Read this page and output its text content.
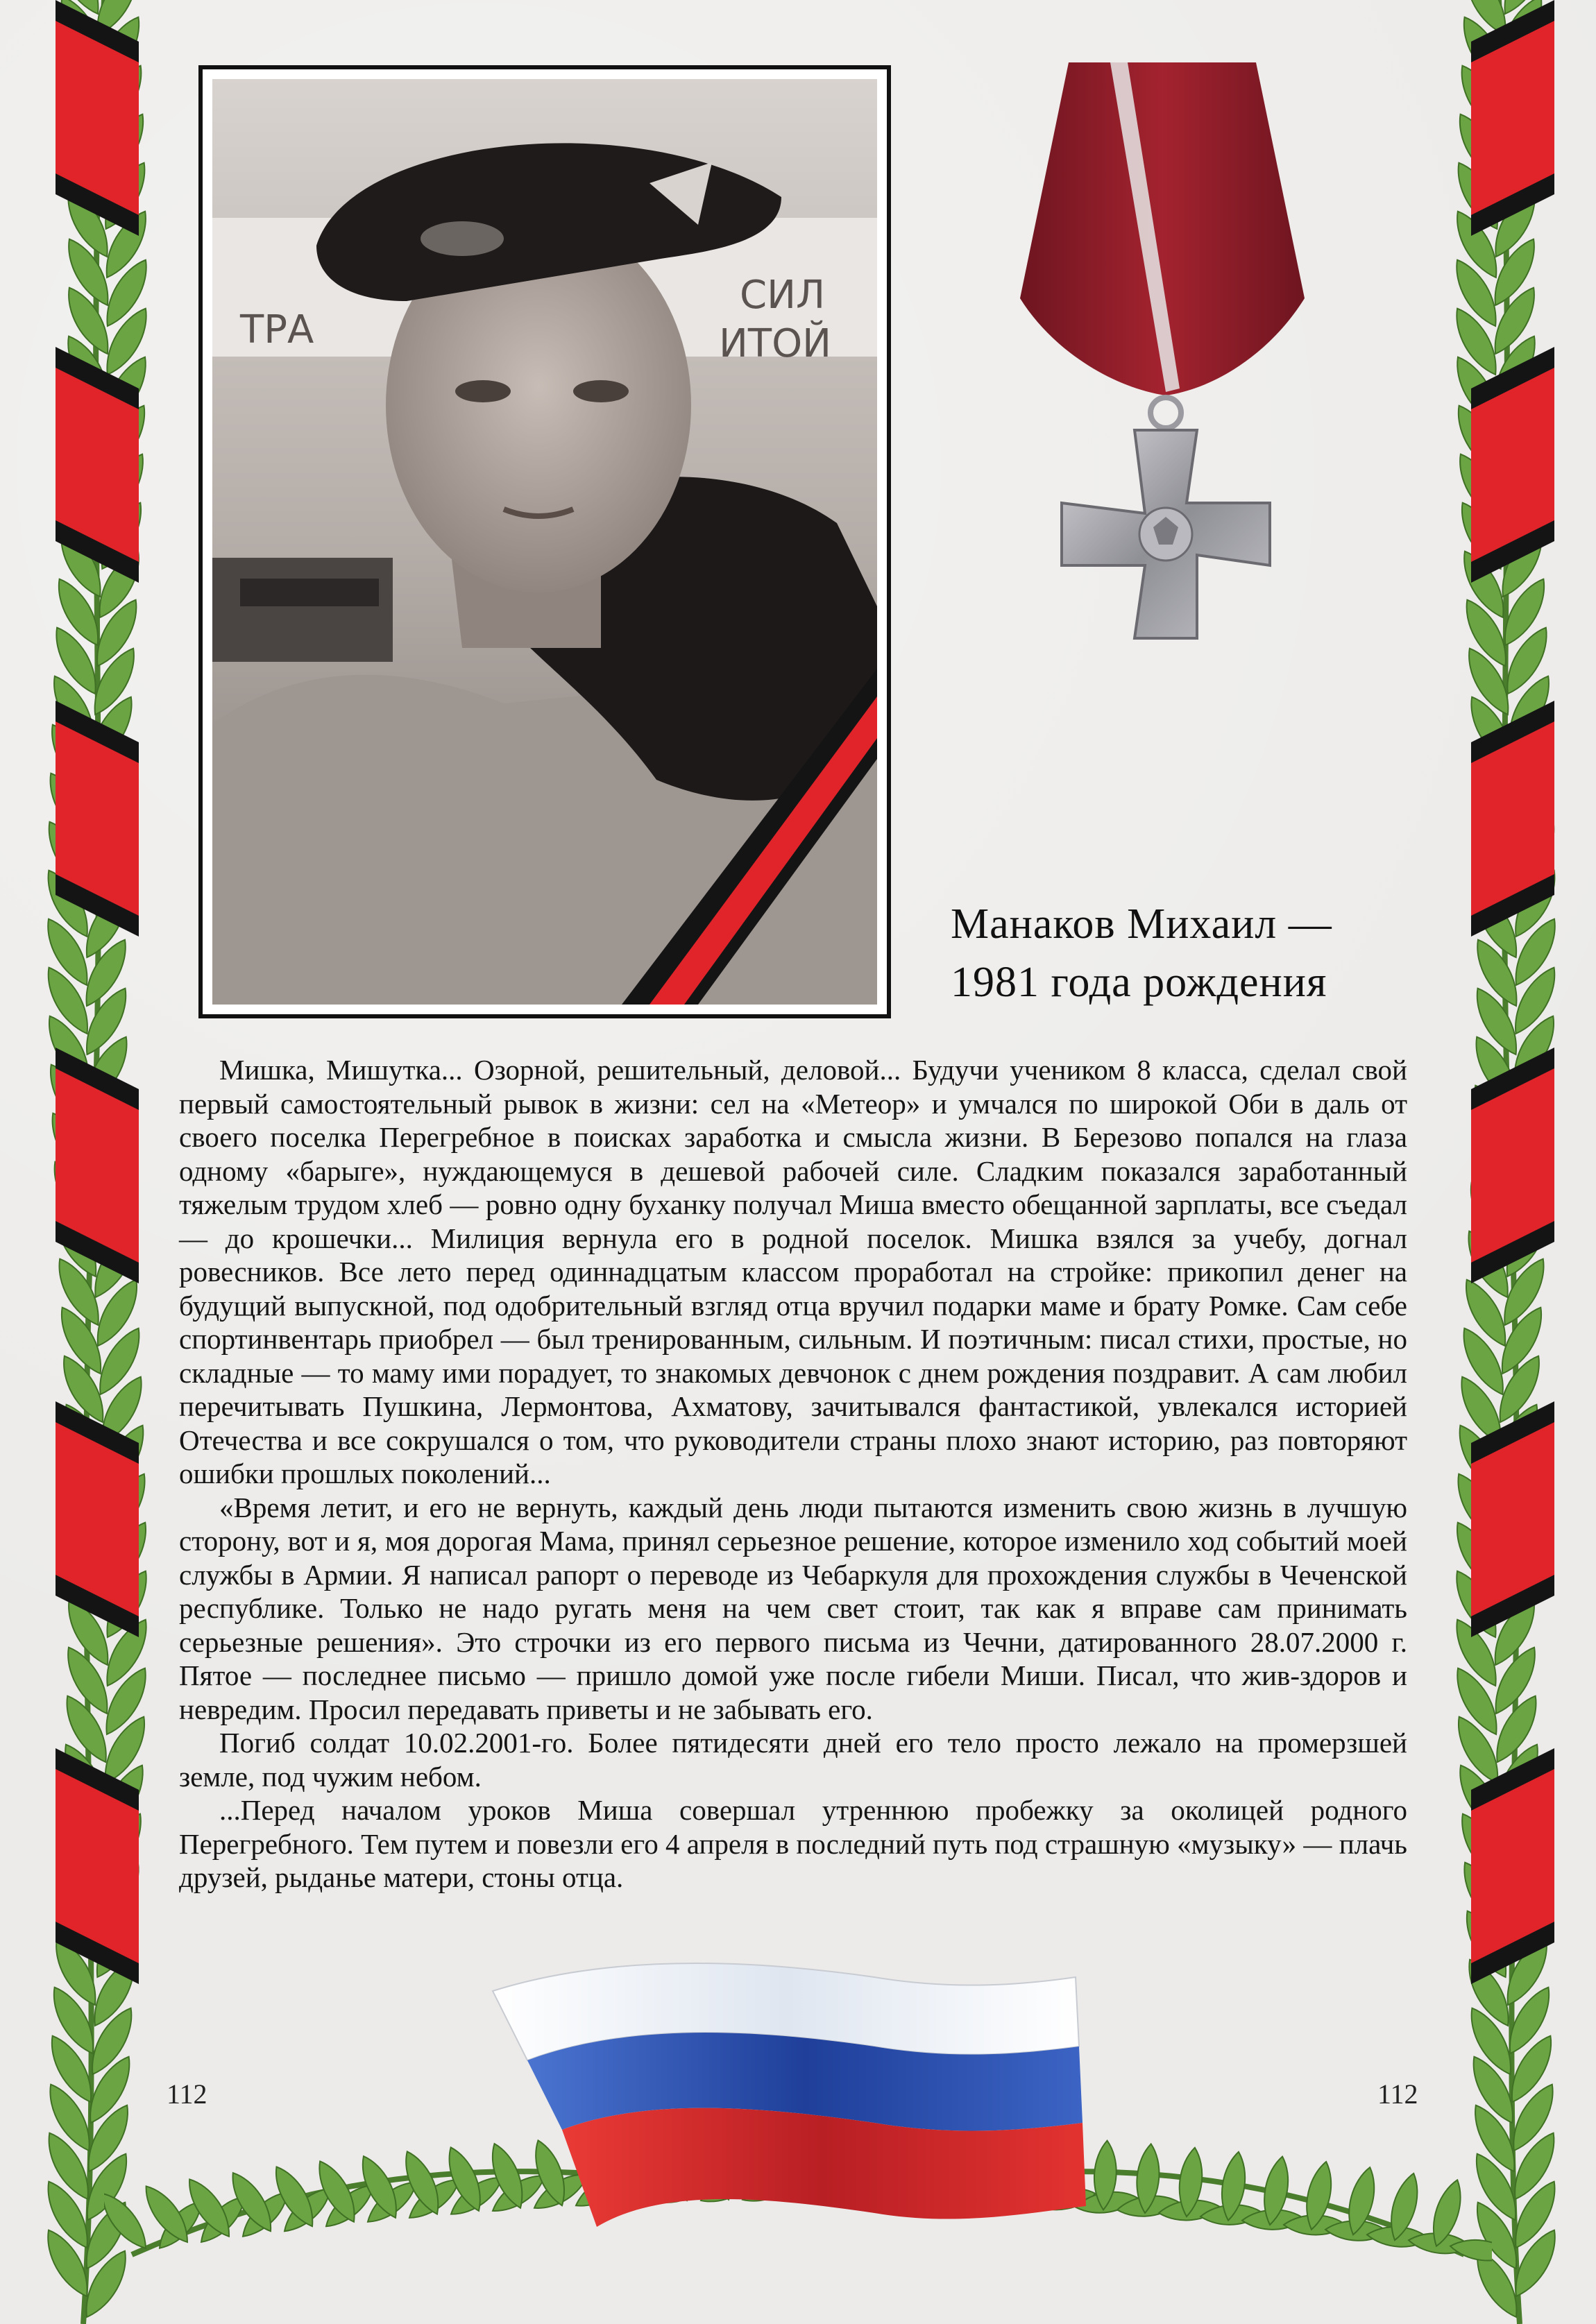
СИЛ
ТРА	ИТОЙ
Манаков Михаил —
1981 года рождения

Мишка, Мишутка... Озорной, решительный, деловой... Будучи учеником 8 класса, сделал свой первый самостоятельный рывок в жизни: сел на «Метеор» и умчался по широкой Оби в даль от своего поселка Перегребное в поисках заработка и смысла жизни. В Березово попался на глаза одному «барыге», нуждающемуся в дешевой рабочей силе. Сладким показался заработанный тяжелым трудом хлеб — ровно одну буханку получал Миша вместо обещанной зарплаты, все съедал — до крошечки... Милиция вернула его в родной поселок. Мишка взялся за учебу, догнал ровесников. Все лето перед одиннадцатым классом проработал на стройке: прикопил денег на будущий выпускной, под одобрительный взгляд отца вручил подарки маме и брату Ромке. Сам себе спортинвентарь приобрел — был тренированным, сильным. И поэтичным: писал стихи, простые, но складные — то маму ими порадует, то знакомых девчонок с днем рождения поздравит. А сам любил перечитывать Пушкина, Лермонтова, Ахматову, зачитывался фантастикой, увлекался историей Отечества и все сокрушался о том, что руководители страны плохо знают историю, раз повторяют ошибки прошлых поколений...

«Время летит, и его не вернуть, каждый день люди пытаются изменить свою жизнь в лучшую сторону, вот и я, моя дорогая Мама, принял серьезное решение, которое изменило ход событий моей службы в Армии. Я написал рапорт о переводе из Чебаркуля для прохождения службы в Чеченской республике. Только не надо ругать меня на чем свет стоит, так как я вправе сам принимать серьезные решения». Это строчки из его первого письма из Чечни, датированного 28.07.2000 г. Пятое — последнее письмо — пришло домой уже после гибели Миши. Писал, что жив-здоров и невредим. Просил передавать приветы и не забывать его.

Погиб солдат 10.02.2001-го. Более пятидесяти дней его тело просто лежало на промерзшей земле, под чужим небом.

...Перед началом уроков Миша совершал утреннюю пробежку за околицей родного Перегребного. Тем путем и повезли его 4 апреля в последний путь под страшную «музыку» — плачь друзей, рыданье матери, стоны отца.

112	112
